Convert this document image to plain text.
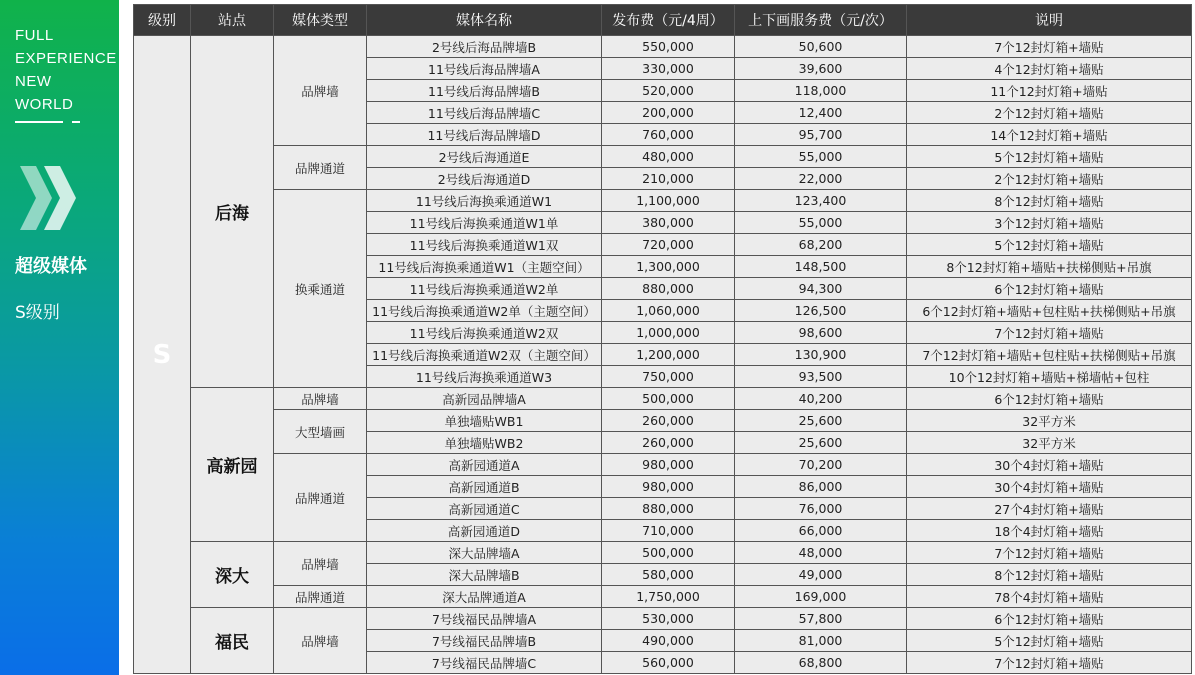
FULL
EXPERIENCE
NEW
WORLD
超级媒体
S级别
级别	站点	媒体类型	媒体名称	发布费（元/4周）	上下画服务费（元/次）	说明
S	后海	品牌墙	2号线后海品牌墙B	550,000	50,600	7个12封灯箱+墙贴
			11号线后海品牌墙A	330,000	39,600	4个12封灯箱+墙贴
			11号线后海品牌墙B	520,000	118,000	11个12封灯箱+墙贴
			11号线后海品牌墙C	200,000	12,400	2个12封灯箱+墙贴
			11号线后海品牌墙D	760,000	95,700	14个12封灯箱+墙贴
		品牌通道	2号线后海通道E	480,000	55,000	5个12封灯箱+墙贴
			2号线后海通道D	210,000	22,000	2个12封灯箱+墙贴
		换乘通道	11号线后海换乘通道W1	1,100,000	123,400	8个12封灯箱+墙贴
			11号线后海换乘通道W1单	380,000	55,000	3个12封灯箱+墙贴
			11号线后海换乘通道W1双	720,000	68,200	5个12封灯箱+墙贴
			11号线后海换乘通道W1（主题空间）	1,300,000	148,500	8个12封灯箱+墙贴+扶梯侧贴+吊旗
			11号线后海换乘通道W2单	880,000	94,300	6个12封灯箱+墙贴
			11号线后海换乘通道W2单（主题空间）	1,060,000	126,500	6个12封灯箱+墙贴+包柱贴+扶梯侧贴+吊旗
			11号线后海换乘通道W2双	1,000,000	98,600	7个12封灯箱+墙贴
			11号线后海换乘通道W2双（主题空间）	1,200,000	130,900	7个12封灯箱+墙贴+包柱贴+扶梯侧贴+吊旗
			11号线后海换乘通道W3	750,000	93,500	10个12封灯箱+墙贴+梯墙帖+包柱
	高新园	品牌墙	高新园品牌墙A	500,000	40,200	6个12封灯箱+墙贴
		大型墙画	单独墙贴WB1	260,000	25,600	32平方米
			单独墙贴WB2	260,000	25,600	32平方米
		品牌通道	高新园通道A	980,000	70,200	30个4封灯箱+墙贴
			高新园通道B	980,000	86,000	30个4封灯箱+墙贴
			高新园通道C	880,000	76,000	27个4封灯箱+墙贴
			高新园通道D	710,000	66,000	18个4封灯箱+墙贴
	深大	品牌墙	深大品牌墙A	500,000	48,000	7个12封灯箱+墙贴
			深大品牌墙B	580,000	49,000	8个12封灯箱+墙贴
		品牌通道	深大品牌通道A	1,750,000	169,000	78个4封灯箱+墙贴
	福民	品牌墙	7号线福民品牌墙A	530,000	57,800	6个12封灯箱+墙贴
			7号线福民品牌墙B	490,000	81,000	5个12封灯箱+墙贴
			7号线福民品牌墙C	560,000	68,800	7个12封灯箱+墙贴
